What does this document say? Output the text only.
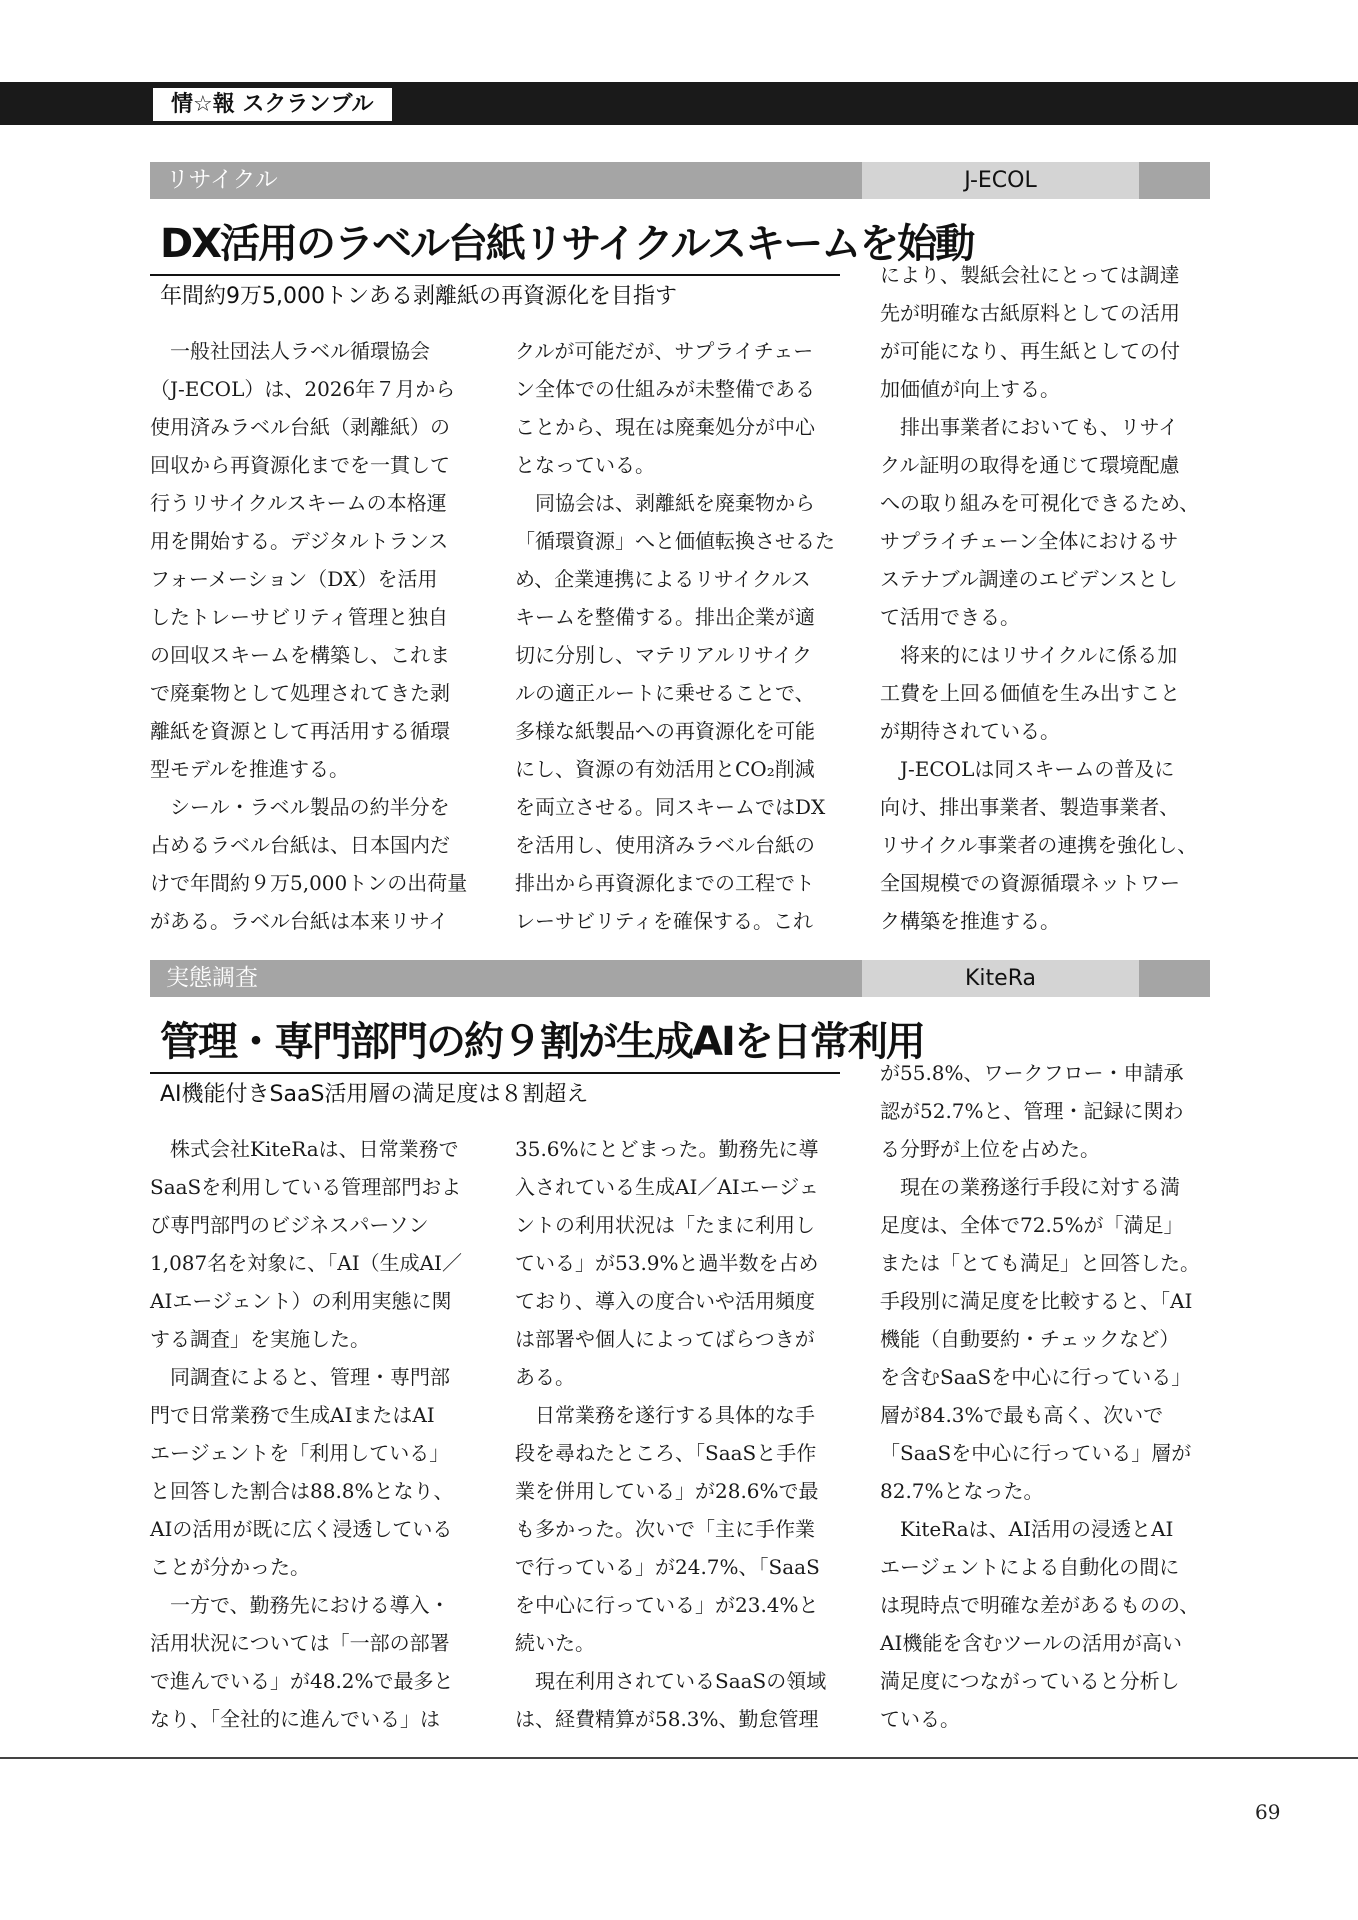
情☆報 スクランブル
リサイクル	J-ECOL
DX活用のラベル台紙リサイクルスキームを始動
年間約9万5,000トンある剥離紙の再資源化を目指す
　一般社団法人ラベル循環協会
（J-ECOL）は、2026年７月から
使用済みラベル台紙（剥離紙）の
回収から再資源化までを一貫して
行うリサイクルスキームの本格運
用を開始する。デジタルトランス
フォーメーション（DX）を活用
したトレーサビリティ管理と独自
の回収スキームを構築し、これま
で廃棄物として処理されてきた剥
離紙を資源として再活用する循環
型モデルを推進する。
　シール・ラベル製品の約半分を
占めるラベル台紙は、日本国内だ
けで年間約９万5,000トンの出荷量
がある。ラベル台紙は本来リサイ
クルが可能だが、サプライチェー
ン全体での仕組みが未整備である
ことから、現在は廃棄処分が中心
となっている。
　同協会は、剥離紙を廃棄物から
「循環資源」へと価値転換させるた
め、企業連携によるリサイクルス
キームを整備する。排出企業が適
切に分別し、マテリアルリサイク
ルの適正ルートに乗せることで、
多様な紙製品への再資源化を可能
にし、資源の有効活用とCO₂削減
を両立させる。同スキームではDX
を活用し、使用済みラベル台紙の
排出から再資源化までの工程でト
レーサビリティを確保する。これ
により、製紙会社にとっては調達
先が明確な古紙原料としての活用
が可能になり、再生紙としての付
加価値が向上する。
　排出事業者においても、リサイ
クル証明の取得を通じて環境配慮
への取り組みを可視化できるため、
サプライチェーン全体におけるサ
ステナブル調達のエビデンスとし
て活用できる。
　将来的にはリサイクルに係る加
工費を上回る価値を生み出すこと
が期待されている。
　J-ECOLは同スキームの普及に
向け、排出事業者、製造事業者、
リサイクル事業者の連携を強化し、
全国規模での資源循環ネットワー
ク構築を推進する。
実態調査	KiteRa
管理・専門部門の約９割が生成AIを日常利用
AI機能付きSaaS活用層の満足度は８割超え
　株式会社KiteRaは、日常業務で
SaaSを利用している管理部門およ
び専門部門のビジネスパーソン
1,087名を対象に、「AI（生成AI／
AIエージェント）の利用実態に関
する調査」を実施した。
　同調査によると、管理・専門部
門で日常業務で生成AIまたはAI
エージェントを「利用している」
と回答した割合は88.8%となり、
AIの活用が既に広く浸透している
ことが分かった。
　一方で、勤務先における導入・
活用状況については「一部の部署
で進んでいる」が48.2%で最多と
なり、「全社的に進んでいる」は
35.6%にとどまった。勤務先に導
入されている生成AI／AIエージェ
ントの利用状況は「たまに利用し
ている」が53.9%と過半数を占め
ており、導入の度合いや活用頻度
は部署や個人によってばらつきが
ある。
　日常業務を遂行する具体的な手
段を尋ねたところ、「SaaSと手作
業を併用している」が28.6%で最
も多かった。次いで「主に手作業
で行っている」が24.7%、「SaaS
を中心に行っている」が23.4%と
続いた。
　現在利用されているSaaSの領域
は、経費精算が58.3%、勤怠管理
が55.8%、ワークフロー・申請承
認が52.7%と、管理・記録に関わ
る分野が上位を占めた。
　現在の業務遂行手段に対する満
足度は、全体で72.5%が「満足」
または「とても満足」と回答した。
手段別に満足度を比較すると、「AI
機能（自動要約・チェックなど）
を含むSaaSを中心に行っている」
層が84.3%で最も高く、次いで
「SaaSを中心に行っている」層が
82.7%となった。
　KiteRaは、AI活用の浸透とAI
エージェントによる自動化の間に
は現時点で明確な差があるものの、
AI機能を含むツールの活用が高い
満足度につながっていると分析し
ている。
69
